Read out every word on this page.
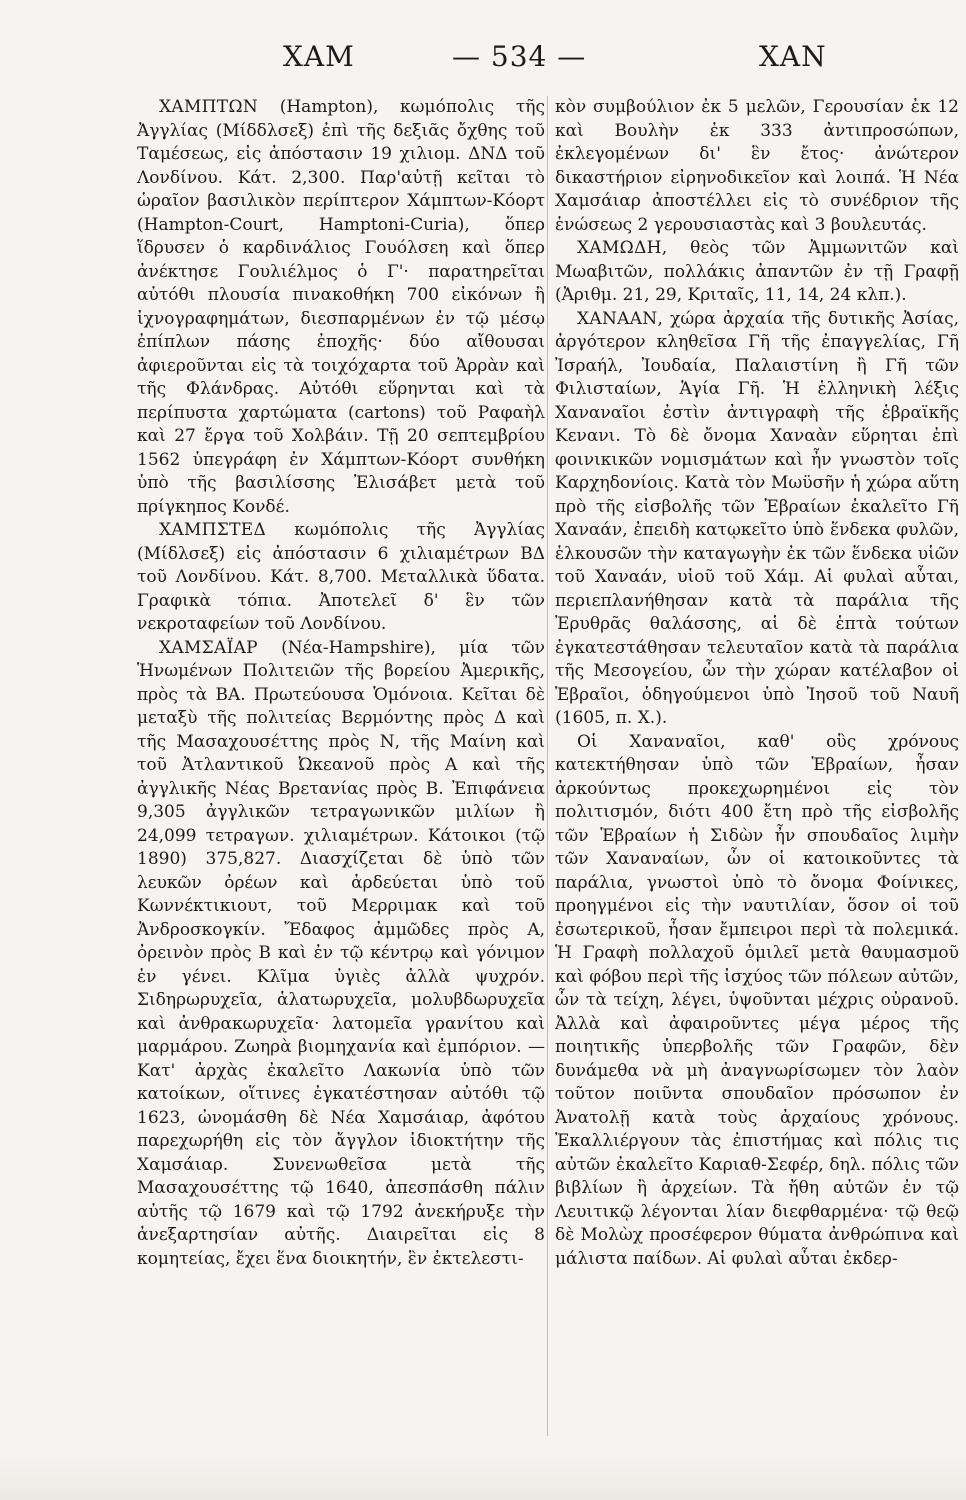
ΧΑΜ	— 534 —	ΧΑΝ

ΧΑΜΠΤΩΝ (Hampton), κωμόπολις τῆς Ἀγγλίας (Μίδδλσεξ) ἐπὶ τῆς δεξιᾶς ὄχθης τοῦ Ταμέσεως, εἰς ἀπόστασιν 19 χιλιομ. ΔΝΔ τοῦ Λονδίνου. Κάτ. 2,300. Παρ'αὐτῇ κεῖται τὸ ὡραῖον βασιλικὸν περίπτερον Χάμπτων-Κόορτ (Hampton-Court, Hamptoni-Curia), ὅπερ ἵδρυσεν ὁ καρδινάλιος Γουόλσεη καὶ ὅπερ ἀνέκτησε Γουλιέλμος ὁ Γ'· παρατηρεῖται αὐτόθι πλουσία πινακοθήκη 700 εἰκόνων ἢ ἰχνογραφημάτων, διεσπαρμένων ἐν τῷ μέσῳ ἐπίπλων πάσης ἐποχῆς· δύο αἴθουσαι ἀφιεροῦνται εἰς τὰ τοιχόχαρτα τοῦ Ἀρρὰν καὶ τῆς Φλάνδρας. Αὐτόθι εὕρηνται καὶ τὰ περίπυστα χαρτώματα (cartons) τοῦ Ραφαὴλ καὶ 27 ἔργα τοῦ Χολβάιν. Τῇ 20 σεπτεμβρίου 1562 ὑπεγράφη ἐν Χάμπτων-Κόορτ συνθήκη ὑπὸ τῆς βασιλίσσης Ἐλισάβετ μετὰ τοῦ πρίγκηπος Κονδέ.

ΧΑΜΠΣΤΕΔ κωμόπολις τῆς Ἀγγλίας (Μίδλσεξ) εἰς ἀπόστασιν 6 χιλιαμέτρων ΒΔ τοῦ Λονδίνου. Κάτ. 8,700. Μεταλλικὰ ὕδατα. Γραφικὰ τόπια. Ἀποτελεῖ δ' ἓν τῶν νεκροταφείων τοῦ Λονδίνου.

ΧΑΜΣΑΪΑΡ (Νέα-Hampshire), μία τῶν Ἡνωμένων Πολιτειῶν τῆς βορείου Ἀμερικῆς, πρὸς τὰ ΒΑ. Πρωτεύουσα Ὁμόνοια. Κεῖται δὲ μεταξὺ τῆς πολιτείας Βερμόντης πρὸς Δ καὶ τῆς Μασαχουσέττης πρὸς Ν, τῆς Μαίνη καὶ τοῦ Ἀτλαντικοῦ Ὠκεανοῦ πρὸς Α καὶ τῆς ἀγγλικῆς Νέας Βρετανίας πρὸς Β. Ἐπιφάνεια 9,305 ἀγγλικῶν τετραγωνικῶν μιλίων ἢ 24,099 τετραγων. χιλιαμέτρων. Κάτοικοι (τῷ 1890) 375,827. Διασχίζεται δὲ ὑπὸ τῶν λευκῶν ὀρέων καὶ ἀρδεύεται ὑπὸ τοῦ Κωννέκτικιουτ, τοῦ Μερριμακ καὶ τοῦ Ἀνδροσκογκίν. Ἔδαφος ἀμμῶδες πρὸς Α, ὀρεινὸν πρὸς Β καὶ ἐν τῷ κέντρῳ καὶ γόνιμον ἐν γένει. Κλῖμα ὑγιὲς ἀλλὰ ψυχρόν. Σιδηρωρυχεῖα, ἁλατωρυχεῖα, μολυβδωρυχεῖα καὶ ἀνθρακωρυχεῖα· λατομεῖα γρανίτου καὶ μαρμάρου. Ζωηρὰ βιομηχανία καὶ ἐμπόριον. — Κατ' ἀρχὰς ἐκαλεῖτο Λακωνία ὑπὸ τῶν κατοίκων, οἵτινες ἐγκατέστησαν αὐτόθι τῷ 1623, ὠνομάσθη δὲ Νέα Χαμσάιαρ, ἀφότου παρεχωρήθη εἰς τὸν ἄγγλον ἰδιοκτήτην τῆς Χαμσάιαρ. Συνενωθεῖσα μετὰ τῆς Μασαχουσέττης τῷ 1640, ἀπεσπάσθη πάλιν αὐτῆς τῷ 1679 καὶ τῷ 1792 ἀνεκήρυξε τὴν ἀνεξαρτησίαν αὐτῆς. Διαιρεῖται εἰς 8 κομητείας, ἔχει ἕνα διοικητήν, ἓν ἐκτελεστι-

κὸν συμβούλιον ἐκ 5 μελῶν, Γερουσίαν ἐκ 12 καὶ Βουλὴν ἐκ 333 ἀντιπροσώπων, ἐκλεγομένων δι' ἓν ἔτος· ἀνώτερον δικαστήριον εἰρηνοδικεῖον καὶ λοιπά. Ἡ Νέα Χαμσάιαρ ἀποστέλλει εἰς τὸ συνέδριον τῆς ἑνώσεως 2 γερουσιαστὰς καὶ 3 βουλευτάς.

ΧΑΜΩΔΗ, θεὸς τῶν Ἀμμωνιτῶν καὶ Μωαβιτῶν, πολλάκις ἀπαντῶν ἐν τῇ Γραφῇ (Ἀριθμ. 21, 29, Κριταῖς, 11, 14, 24 κλπ.).

ΧΑΝΑΑΝ, χώρα ἀρχαία τῆς δυτικῆς Ἀσίας, ἀργότερον κληθεῖσα Γῆ τῆς ἐπαγγελίας, Γῆ Ἰσραήλ, Ἰουδαία, Παλαιστίνη ἢ Γῆ τῶν Φιλισταίων, Ἁγία Γῆ. Ἡ ἑλληνικὴ λέξις Χαναναῖοι ἐστὶν ἀντιγραφὴ τῆς ἑβραϊκῆς Κενανι. Τὸ δὲ ὄνομα Χαναὰν εὕρηται ἐπὶ φοινικικῶν νομισμάτων καὶ ἦν γνωστὸν τοῖς Καρχηδονίοις. Κατὰ τὸν Μωϋσῆν ἡ χώρα αὕτη πρὸ τῆς εἰσβολῆς τῶν Ἑβραίων ἐκαλεῖτο Γῆ Χαναάν, ἐπειδὴ κατῳκεῖτο ὑπὸ ἕνδεκα φυλῶν, ἑλκουσῶν τὴν καταγωγὴν ἐκ τῶν ἕνδεκα υἱῶν τοῦ Χαναάν, υἱοῦ τοῦ Χάμ. Αἱ φυλαὶ αὗται, περιεπλανήθησαν κατὰ τὰ παράλια τῆς Ἐρυθρᾶς θαλάσσης, αἱ δὲ ἑπτὰ τούτων ἐγκατεστάθησαν τελευταῖον κατὰ τὰ παράλια τῆς Μεσογείου, ὧν τὴν χώραν κατέλαβον οἱ Ἑβραῖοι, ὁδηγούμενοι ὑπὸ Ἰησοῦ τοῦ Ναυῆ (1605, π. Χ.).

Οἱ Χαναναῖοι, καθ' οὓς χρόνους κατεκτήθησαν ὑπὸ τῶν Ἑβραίων, ἦσαν ἀρκούντως προκεχωρημένοι εἰς τὸν πολιτισμόν, διότι 400 ἔτη πρὸ τῆς εἰσβολῆς τῶν Ἑβραίων ἡ Σιδὼν ἦν σπουδαῖος λιμὴν τῶν Χαναναίων, ὧν οἱ κατοικοῦντες τὰ παράλια, γνωστοὶ ὑπὸ τὸ ὄνομα Φοίνικες, προηγμένοι εἰς τὴν ναυτιλίαν, ὅσον οἱ τοῦ ἐσωτερικοῦ, ἦσαν ἔμπειροι περὶ τὰ πολεμικά. Ἡ Γραφὴ πολλαχοῦ ὁμιλεῖ μετὰ θαυμασμοῦ καὶ φόβου περὶ τῆς ἰσχύος τῶν πόλεων αὐτῶν, ὧν τὰ τείχη, λέγει, ὑψοῦνται μέχρις οὐρανοῦ. Ἀλλὰ καὶ ἀφαιροῦντες μέγα μέρος τῆς ποιητικῆς ὑπερβολῆς τῶν Γραφῶν, δὲν δυνάμεθα νὰ μὴ ἀναγνωρίσωμεν τὸν λαὸν τοῦτον ποιῦντα σπουδαῖον πρόσωπον ἐν Ἀνατολῇ κατὰ τοὺς ἀρχαίους χρόνους. Ἐκαλλιέργουν τὰς ἐπιστήμας καὶ πόλις τις αὐτῶν ἐκαλεῖτο Καριαθ-Σεφέρ, δηλ. πόλις τῶν βιβλίων ἢ ἀρχείων. Τὰ ἤθη αὐτῶν ἐν τῷ Λευιτικῷ λέγονται λίαν διεφθαρμένα· τῷ θεῷ δὲ Μολὼχ προσέφερον θύματα ἀνθρώπινα καὶ μάλιστα παίδων. Αἱ φυλαὶ αὗται ἐκδερ-
